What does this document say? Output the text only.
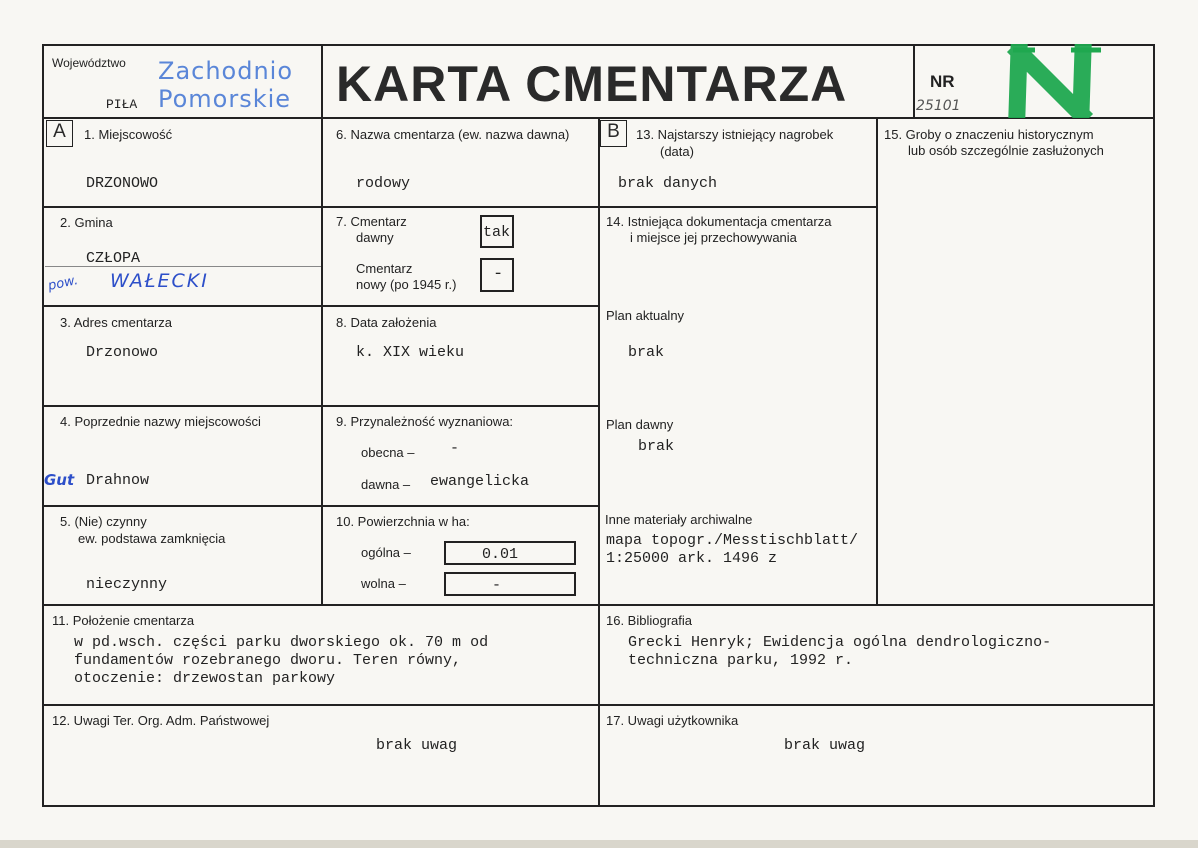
Województwo Zachodnio
Pomorskie
PIŁA	KARTA CMENTARZA	NR
25101
A	B
1. Miejscowość
DRZONOWO
2. Gmina
CZŁOPA
pow. WAŁECKI
3. Adres cmentarza
Drzonowo
4. Poprzednie nazwy miejscowości
Gut Drahnow
5. (Nie) czynny
ew. podstawa zamknięcia
nieczynny
6. Nazwa cmentarza (ew. nazwa dawna)
rodowy
7. Cmentarz
dawny	tak
Cmentarz
nowy (po 1945 r.)
-
8. Data założenia
k. XIX wieku
9. Przynależność wyznaniowa:
obecna – -
dawna – ewangelicka
10. Powierzchnia w ha:
ogólna –	0.01
wolna –	-
11. Położenie cmentarza
w pd.wsch. części parku dworskiego ok. 70 m od
fundamentów rozebranego dworu. Teren równy,
otoczenie: drzewostan parkowy
12. Uwagi Ter. Org. Adm. Państwowej
brak uwag
13. Najstarszy istniejący nagrobek
(data)
brak danych
14. Istniejąca dokumentacja cmentarza
i miejsce jej przechowywania
Plan aktualny
brak
Plan dawny
brak
Inne materiały archiwalne
mapa topogr./Messtischblatt/
1:25000 ark. 1496 z
15. Groby o znaczeniu historycznym
lub osób szczególnie zasłużonych
16. Bibliografia
Grecki Henryk; Ewidencja ogólna dendrologiczno-
techniczna parku, 1992 r.
17. Uwagi użytkownika
brak uwag
